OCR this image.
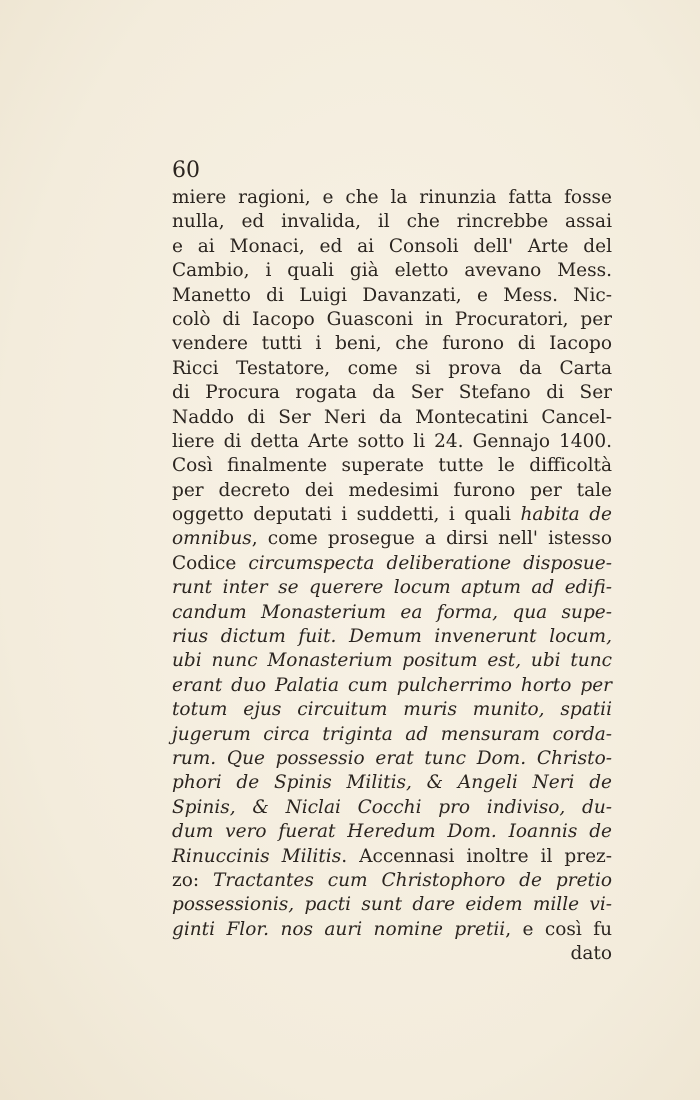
60
miere ragioni, e che la rinunzia fatta fosse
nulla, ed invalida, il che rincrebbe assai
e ai Monaci, ed ai Consoli dell' Arte del
Cambio, i quali già eletto avevano Mess.
Manetto di Luigi Davanzati, e Mess. Nic-
colò di Iacopo Guasconi in Procuratori, per
vendere tutti i beni, che furono di Iacopo
Ricci Testatore, come si prova da Carta
di Procura rogata da Ser Stefano di Ser
Naddo di Ser Neri da Montecatini Cancel-
liere di detta Arte sotto li 24. Gennajo 1400.
Così finalmente superate tutte le difficoltà
per decreto dei medesimi furono per tale
oggetto deputati i suddetti, i quali habita de
omnibus, come prosegue a dirsi nell' istesso
Codice circumspecta deliberatione disposue-
runt inter se querere locum aptum ad edifi-
candum Monasterium ea forma, qua supe-
rius dictum fuit. Demum invenerunt locum,
ubi nunc Monasterium positum est, ubi tunc
erant duo Palatia cum pulcherrimo horto per
totum ejus circuitum muris munito, spatii
jugerum circa triginta ad mensuram corda-
rum. Que possessio erat tunc Dom. Christo-
phori de Spinis Militis, & Angeli Neri de
Spinis, & Niclai Cocchi pro indiviso, du-
dum vero fuerat Heredum Dom. Ioannis de
Rinuccinis Militis. Accennasi inoltre il prez-
zo: Tractantes cum Christophoro de pretio
possessionis, pacti sunt dare eidem mille vi-
ginti Flor. nos auri nomine pretii, e così fu
dato
